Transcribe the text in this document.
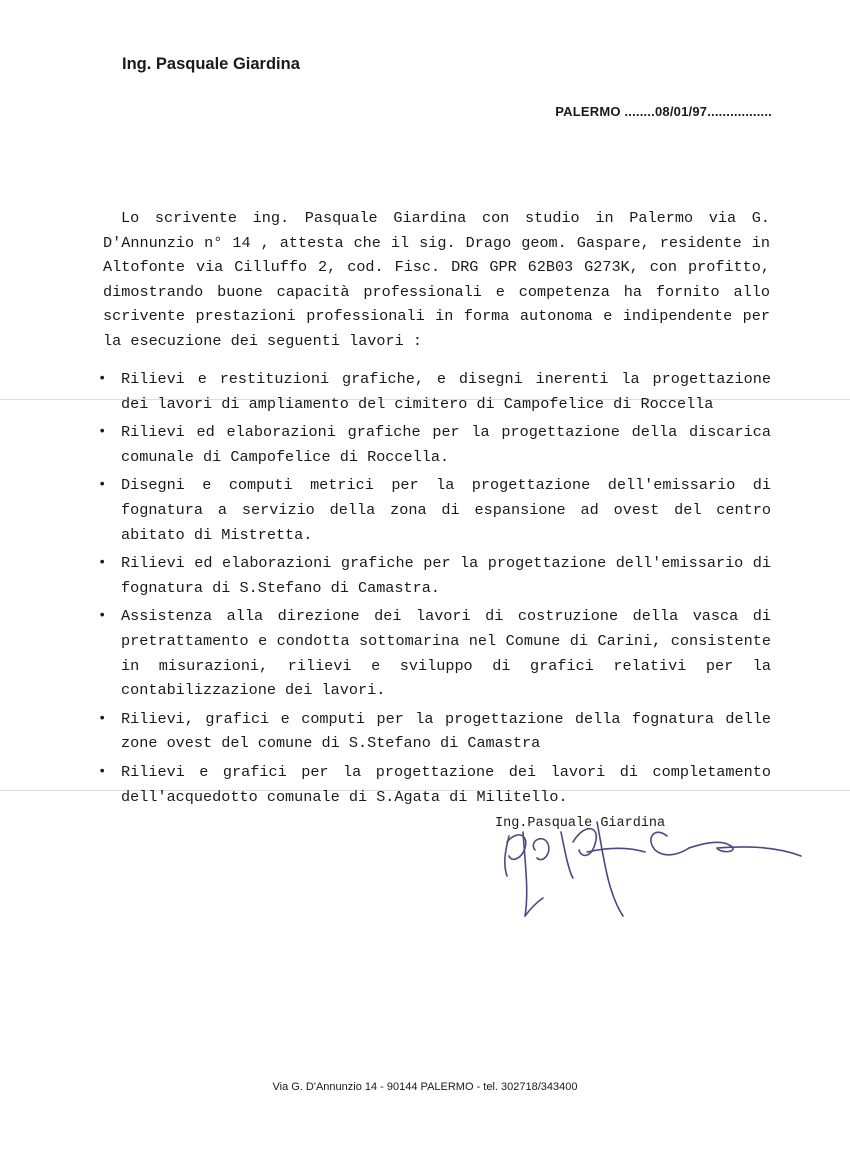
Ing. Pasquale Giardina
PALERMO ........08/01/97.................

Lo scrivente ing. Pasquale Giardina con studio in Palermo via G. D'Annunzio n° 14 , attesta che il sig. Drago geom. Gaspare, residente in Altofonte via Cilluffo 2, cod. Fisc. DRG GPR 62B03 G273K, con profitto, dimostrando buone capacità professionali e competenza ha fornito allo scrivente prestazioni professionali in forma autonoma e indipendente per la esecuzione dei seguenti lavori :

• Rilievi e restituzioni grafiche, e disegni inerenti la progettazione dei lavori di ampliamento del cimitero di Campofelice di Roccella
• Rilievi ed elaborazioni grafiche per la progettazione della discarica comunale di Campofelice di Roccella.
• Disegni e computi metrici per la progettazione dell'emissario di fognatura a servizio della zona di espansione ad ovest del centro abitato di Mistretta.
• Rilievi ed elaborazioni grafiche per la progettazione dell'emissario di fognatura di S.Stefano di Camastra.
• Assistenza alla direzione dei lavori di costruzione della vasca di pretrattamento e condotta sottomarina nel Comune di Carini, consistente in misurazioni, rilievi e sviluppo di grafici relativi per la contabilizzazione dei lavori.
• Rilievi, grafici e computi per la progettazione della fognatura delle zone ovest del comune di S.Stefano di Camastra
• Rilievi e grafici per la progettazione dei lavori di completamento dell'acquedotto comunale di S.Agata di Militello.
Ing.Pasquale Giardina
Via G. D'Annunzio 14 - 90144 PALERMO - tel. 302718/343400
